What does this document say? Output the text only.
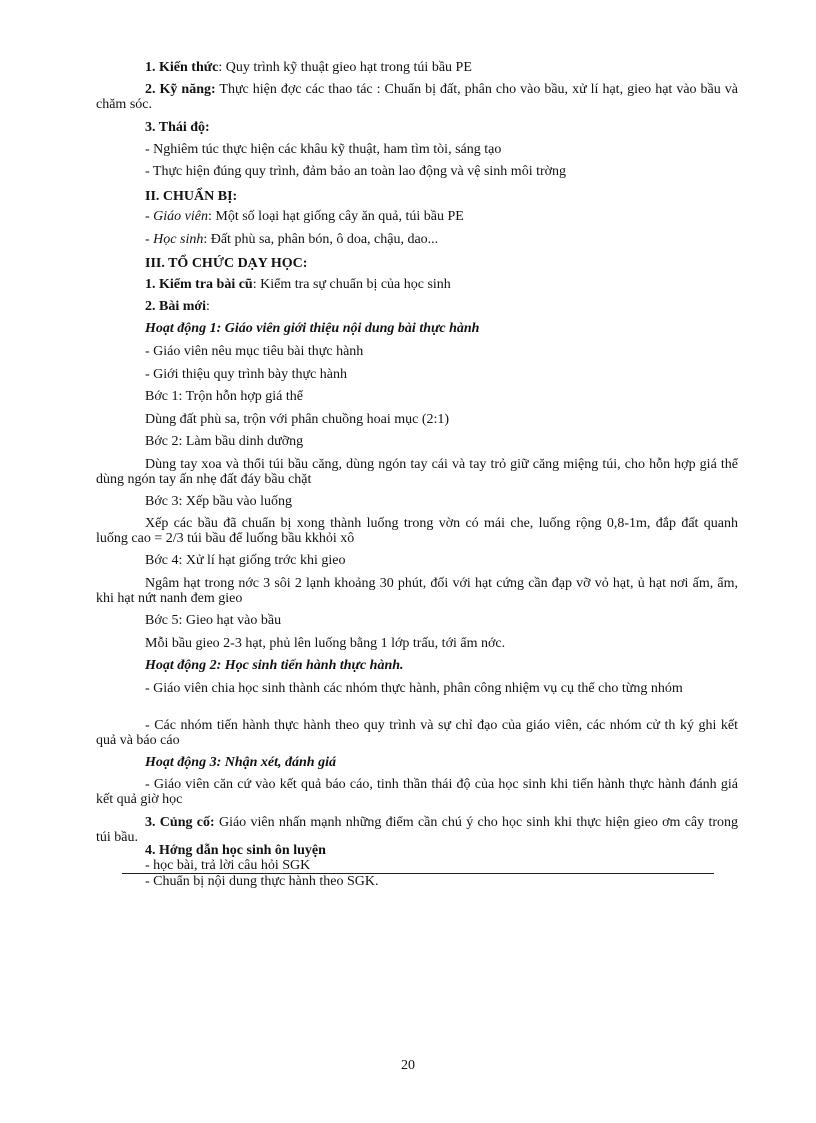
1. Kiến thức: Quy trình kỹ thuật gieo hạt trong túi bầu PE
2. Kỹ năng: Thực hiện đợc các thao tác : Chuẩn bị đất, phân cho vào bầu, xử lí hạt, gieo hạt vào bầu và chăm sóc.
3. Thái độ:
- Nghiêm túc thực hiện các khâu kỹ thuật, ham tìm tòi, sáng tạo
- Thực hiện đúng quy trình, đảm bảo an toàn lao động và vệ sinh môi trờng
II. CHUẨN BỊ:
- Giáo viên: Một số loại hạt giống cây ăn quả, túi bầu PE
- Học sinh: Đất phù sa, phân bón, ô doa, chậu, dao...
III. TỔ CHỨC DẠY HỌC:
1. Kiểm tra bài cũ: Kiểm tra sự chuẩn bị của học sinh
2. Bài mới:
Hoạt động 1: Giáo viên giới thiệu nội dung bài thực hành
- Giáo viên nêu mục tiêu bài thực hành
- Giới thiệu quy trình bày thực hành
Bớc 1: Trộn hỗn hợp giá thể
Dùng đất phù sa, trộn với phân chuồng hoai mục (2:1)
Bớc 2: Làm bầu dinh dưỡng
Dùng tay xoa và thổi túi bầu căng, dùng ngón tay cái và tay trỏ giữ căng miệng túi, cho hỗn hợp giá thể dùng ngón tay ấn nhẹ đất đáy bầu chặt
Bớc 3: Xếp bầu vào luống
Xếp các bầu đã chuẩn bị xong thành luống trong vờn có mái che, luống rộng 0,8-1m, đắp đất quanh luống cao = 2/3 túi bầu để luống bầu kkhỏi xô
Bớc 4: Xử lí hạt giống trớc khi gieo
Ngâm hạt trong nớc 3 sôi 2 lạnh khoảng 30 phút, đối với hạt cứng cần đạp vỡ vỏ hạt, ủ hạt nơi ấm, ẩm, khi hạt nứt nanh đem gieo
Bớc 5: Gieo hạt vào bầu
Mỗi bầu gieo 2-3 hạt, phủ lên luống bằng 1 lớp trấu, tới ẩm nớc.
Hoạt động 2: Học sinh tiến hành thực hành.
- Giáo viên chia học sinh thành các nhóm thực hành, phân công nhiệm vụ cụ thể cho từng nhóm
- Các nhóm tiến hành thực hành theo quy trình và sự chỉ đạo của giáo viên, các nhóm cử th ký ghi kết quả và báo cáo
Hoạt động 3: Nhận xét, đánh giá
- Giáo viên căn cứ vào kết quả báo cáo, tinh thần thái độ của học sinh khi tiến hành thực hành đánh giá kết quả giờ học
3. Củng cố: Giáo viên nhấn mạnh những điểm cần chú ý cho học sinh khi thực hiện gieo ơm cây trong túi bầu.
4. Hớng dẫn học sinh ôn luyện
- học bài, trả lời câu hỏi SGK
- Chuẩn bị nội dung thực hành theo SGK.
20
